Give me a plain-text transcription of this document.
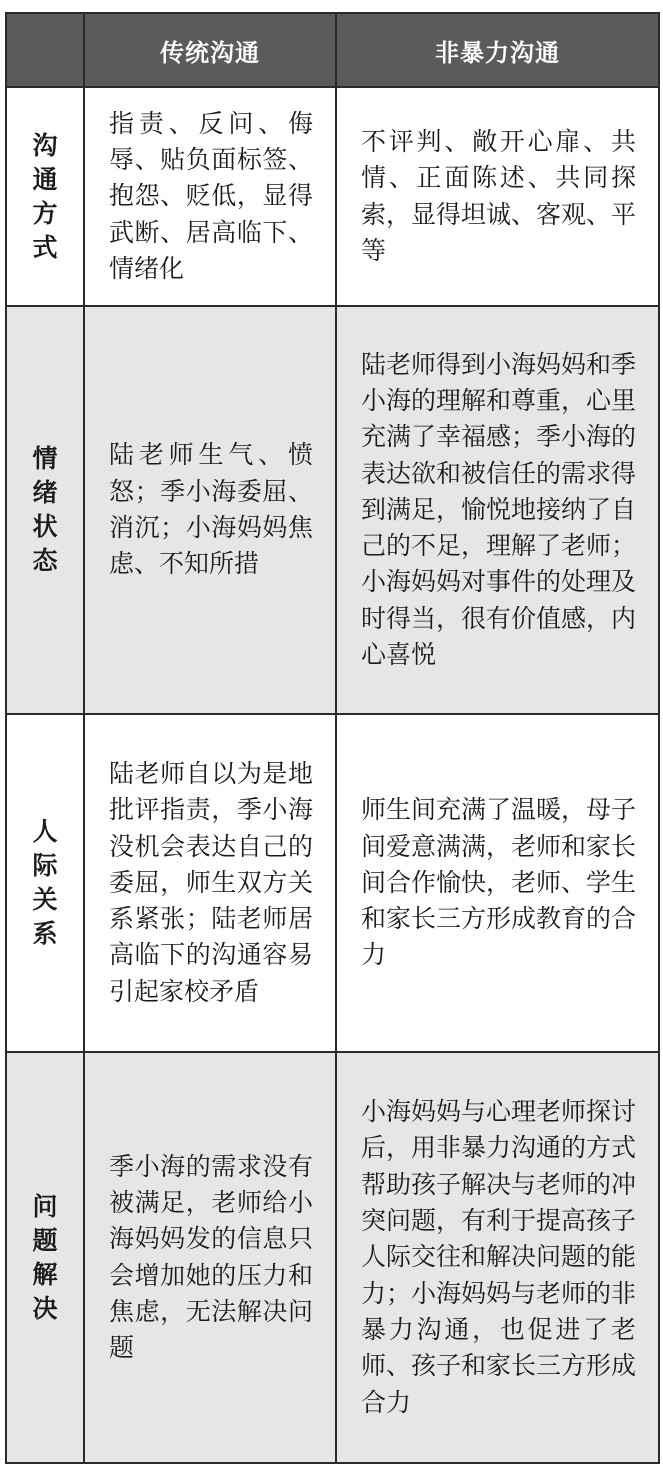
	传统沟通	非暴力沟通
沟通方式	指责、反问、侮辱、贴负面标签、抱怨、贬低，显得武断、居高临下、情绪化	不评判、敞开心扉、共情、正面陈述、共同探索，显得坦诚、客观、平等
情绪状态	陆老师生气、愤怒；季小海委屈、消沉；小海妈妈焦虑、不知所措	陆老师得到小海妈妈和季小海的理解和尊重，心里充满了幸福感；季小海的表达欲和被信任的需求得到满足，愉悦地接纳了自己的不足，理解了老师；小海妈妈对事件的处理及时得当，很有价值感，内心喜悦
人际关系	陆老师自以为是地批评指责，季小海没机会表达自己的委屈，师生双方关系紧张；陆老师居高临下的沟通容易引起家校矛盾	师生间充满了温暖，母子间爱意满满，老师和家长间合作愉快，老师、学生和家长三方形成教育的合力
问题解决	季小海的需求没有被满足，老师给小海妈妈发的信息只会增加她的压力和焦虑，无法解决问题	小海妈妈与心理老师探讨后，用非暴力沟通的方式帮助孩子解决与老师的冲突问题，有利于提高孩子人际交往和解决问题的能力；小海妈妈与老师的非暴力沟通，也促进了老师、孩子和家长三方形成合力
